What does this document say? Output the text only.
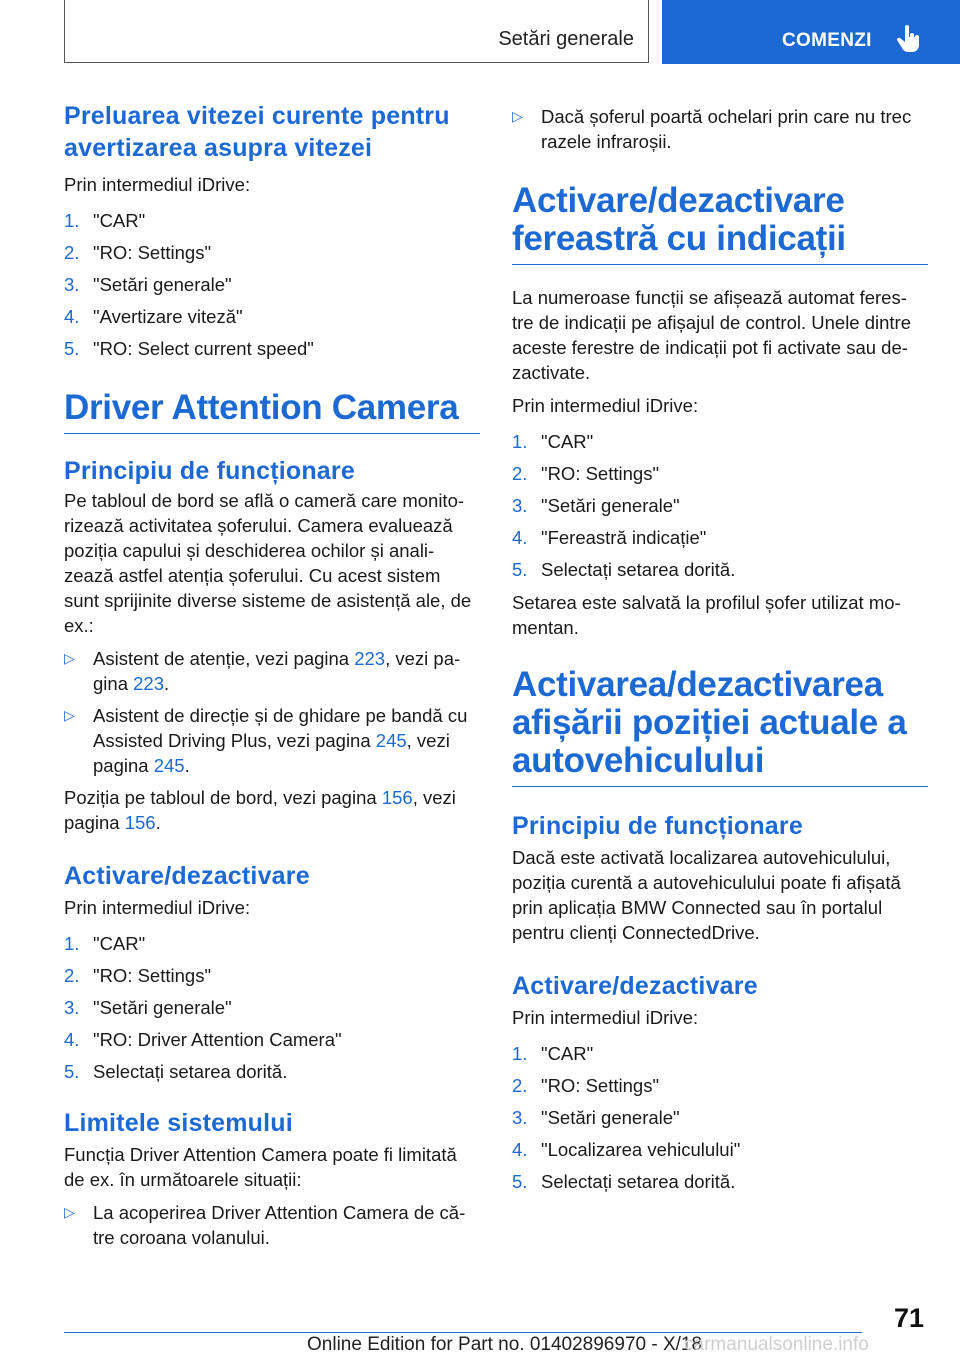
Setări generale	COMENZI
Preluarea vitezei curente pentru avertizarea asupra vitezei

Prin intermediul iDrive:

1. "CAR"
2. "RO: Settings"
3. "Setări generale"
4. "Avertizare viteză"
5. "RO: Select current speed"
Driver Attention Camera
Principiu de funcționare

Pe tabloul de bord se află o cameră care monito-rizează activitatea șoferului. Camera evaluează poziția capului și deschiderea ochilor și anali-zează astfel atenția șoferului. Cu acest sistem sunt sprijinite diverse sisteme de asistență ale, de ex.:

▷ Asistent de atenție, vezi pagina 223, vezi pa-gina 223.
▷ Asistent de direcție și de ghidare pe bandă cu Assisted Driving Plus, vezi pagina 245, vezi pagina 245.

Poziția pe tabloul de bord, vezi pagina 156, vezi pagina 156.

Activare/dezactivare

Prin intermediul iDrive:

1. "CAR"
2. "RO: Settings"
3. "Setări generale"
4. "RO: Driver Attention Camera"
5. Selectați setarea dorită.
Limitele sistemului

Funcția Driver Attention Camera poate fi limitată de ex. în următoarele situații:

▷ La acoperirea Driver Attention Camera de că-tre coroana volanului.
▷ Dacă șoferul poartă ochelari prin care nu trec razele infraroșii.
Activare/dezactivare fereastră cu indicații

La numeroase funcții se afișează automat feres-tre de indicații pe afișajul de control. Unele dintre aceste ferestre de indicații pot fi activate sau de-zactivate.

Prin intermediul iDrive:

1. "CAR"
2. "RO: Settings"
3. "Setări generale"
4. "Fereastră indicație"
5. Selectați setarea dorită.

Setarea este salvată la profilul șofer utilizat mo-mentan.

Activarea/dezactivarea afișării poziției actuale a autovehiculului
Principiu de funcționare

Dacă este activată localizarea autovehiculului, poziția curentă a autovehiculului poate fi afișată prin aplicația BMW Connected sau în portalul pentru clienți ConnectedDrive.

Activare/dezactivare

Prin intermediul iDrive:

1. "CAR"
2. "RO: Settings"
3. "Setări generale"
4. "Localizarea vehiculului"
5. Selectați setarea dorită.
71
Online Edition for Part no. 01402896970 - X/18
carmanualsonline.info
